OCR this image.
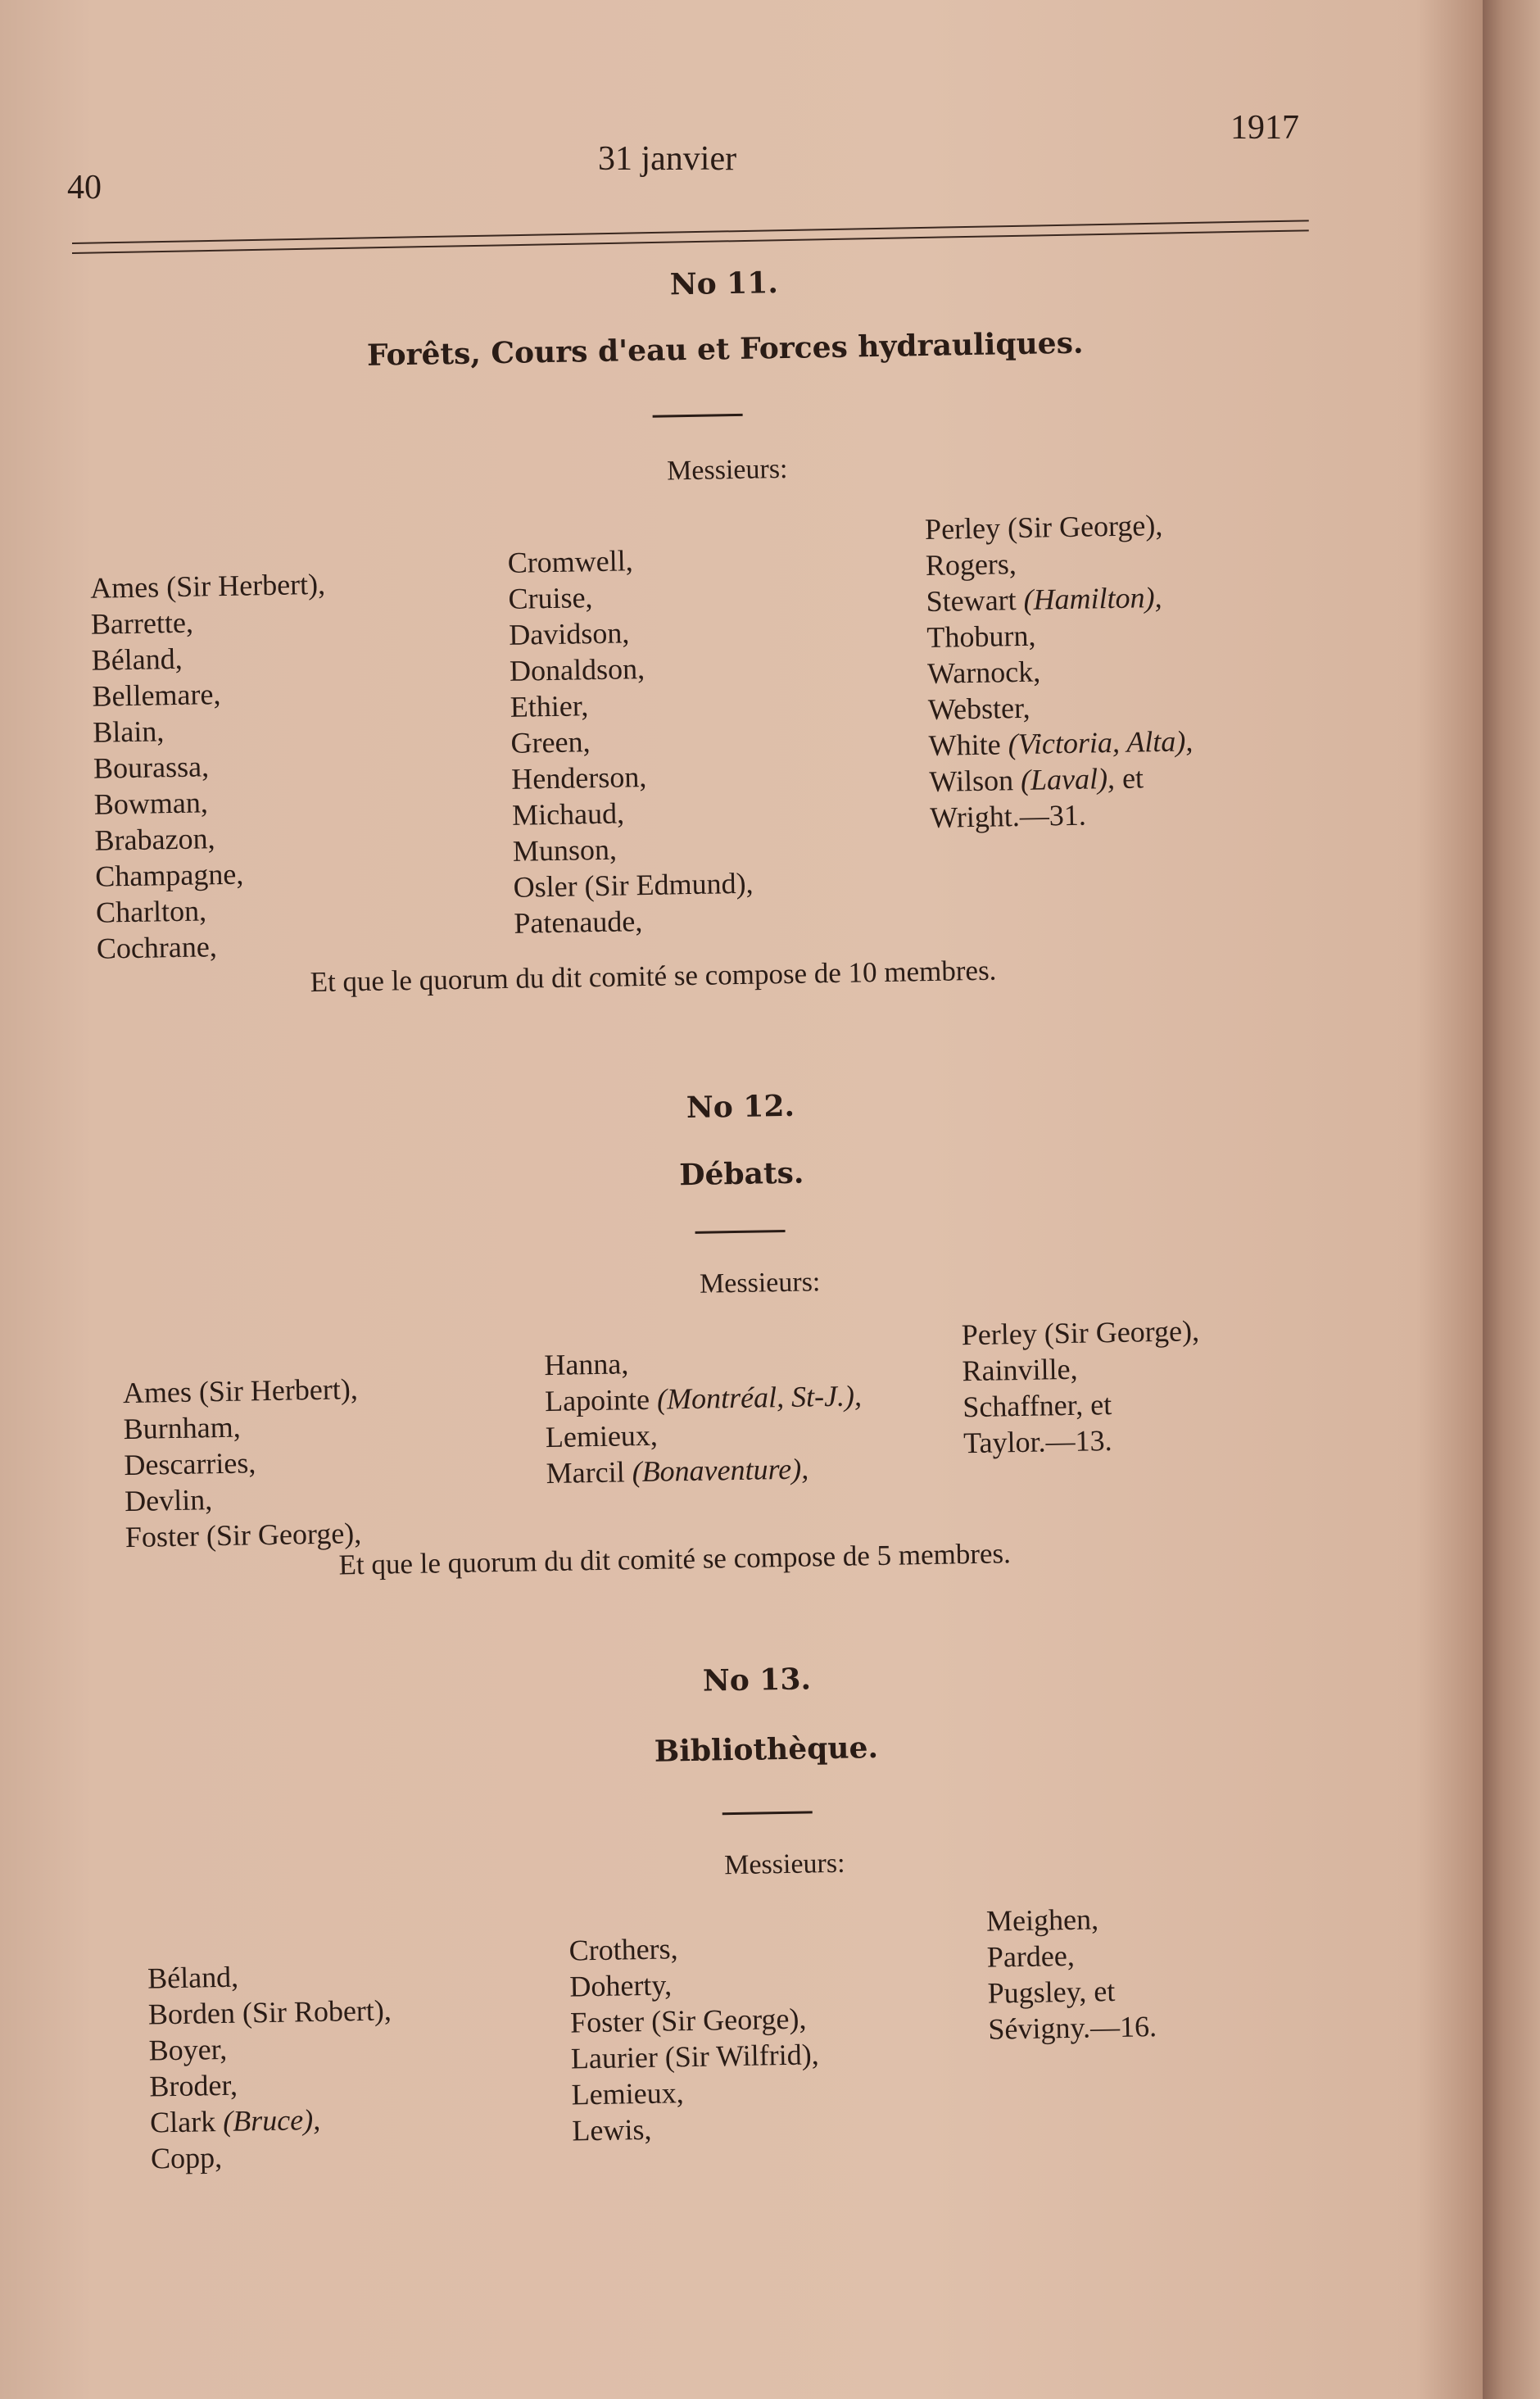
40
31 janvier
1917
No 11.
Forêts, Cours d'eau et Forces hydrauliques.
Messieurs:
Ames (Sir Herbert),
Barrette,
Béland,
Bellemare,
Blain,
Bourassa,
Bowman,
Brabazon,
Champagne,
Charlton,
Cochrane,
Cromwell,
Cruise,
Davidson,
Donaldson,
Ethier,
Green,
Henderson,
Michaud,
Munson,
Osler (Sir Edmund),
Patenaude,
Perley (Sir George),
Rogers,
Stewart (Hamilton),
Thoburn,
Warnock,
Webster,
White (Victoria, Alta),
Wilson (Laval), et
Wright.—31.
Et que le quorum du dit comité se compose de 10 membres.
No 12.
Débats.
Messieurs:
Ames (Sir Herbert),
Burnham,
Descarries,
Devlin,
Foster (Sir George),
Hanna,
Lapointe (Montréal, St-J.),
Lemieux,
Marcil (Bonaventure),
Perley (Sir George),
Rainville,
Schaffner, et
Taylor.—13.
Et que le quorum du dit comité se compose de 5 membres.
No 13.
Bibliothèque.
Messieurs:
Béland,
Borden (Sir Robert),
Boyer,
Broder,
Clark (Bruce),
Copp,
Crothers,
Doherty,
Foster (Sir George),
Laurier (Sir Wilfrid),
Lemieux,
Lewis,
Meighen,
Pardee,
Pugsley, et
Sévigny.—16.
